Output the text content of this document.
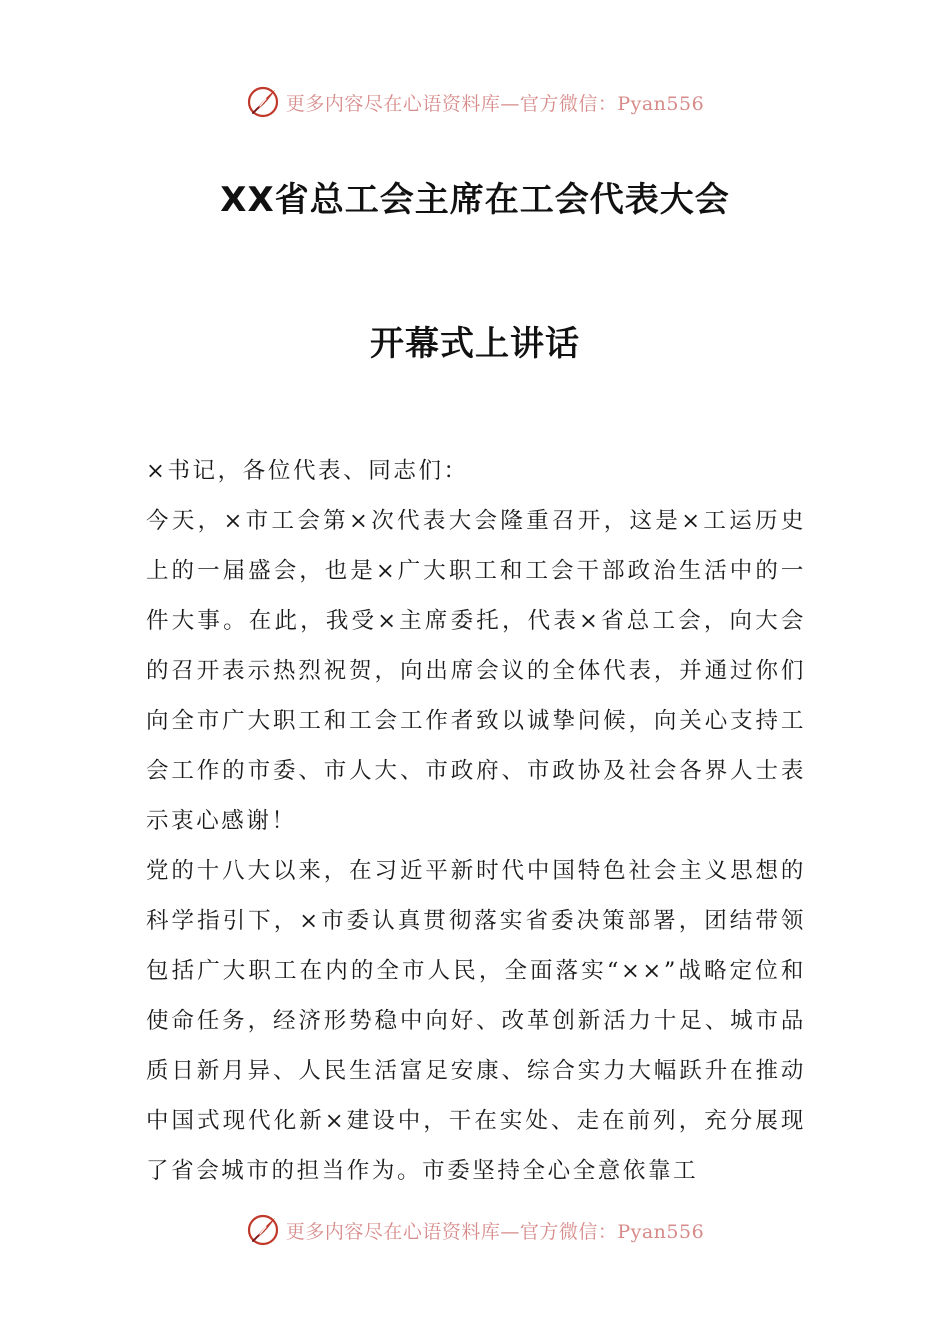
更多内容尽在心语资料库—官方微信：Pyan556
XX省总工会主席在工会代表大会
开幕式上讲话

×书记，各位代表、同志们：

今天，×市工会第×次代表大会隆重召开，这是×工运历史上的一届盛会，也是×广大职工和工会干部政治生活中的一件大事。在此，我受×主席委托，代表×省总工会，向大会的召开表示热烈祝贺，向出席会议的全体代表，并通过你们向全市广大职工和工会工作者致以诚挚问候，向关心支持工会工作的市委、市人大、市政府、市政协及社会各界人士表示衷心感谢！

党的十八大以来，在习近平新时代中国特色社会主义思想的科学指引下，×市委认真贯彻落实省委决策部署，团结带领包括广大职工在内的全市人民，全面落实“××”战略定位和使命任务，经济形势稳中向好、改革创新活力十足、城市品质日新月异、人民生活富足安康、综合实力大幅跃升在推动中国式现代化新×建设中，干在实处、走在前列，充分展现了省会城市的担当作为。市委坚持全心全意依靠工

更多内容尽在心语资料库—官方微信：Pyan556
